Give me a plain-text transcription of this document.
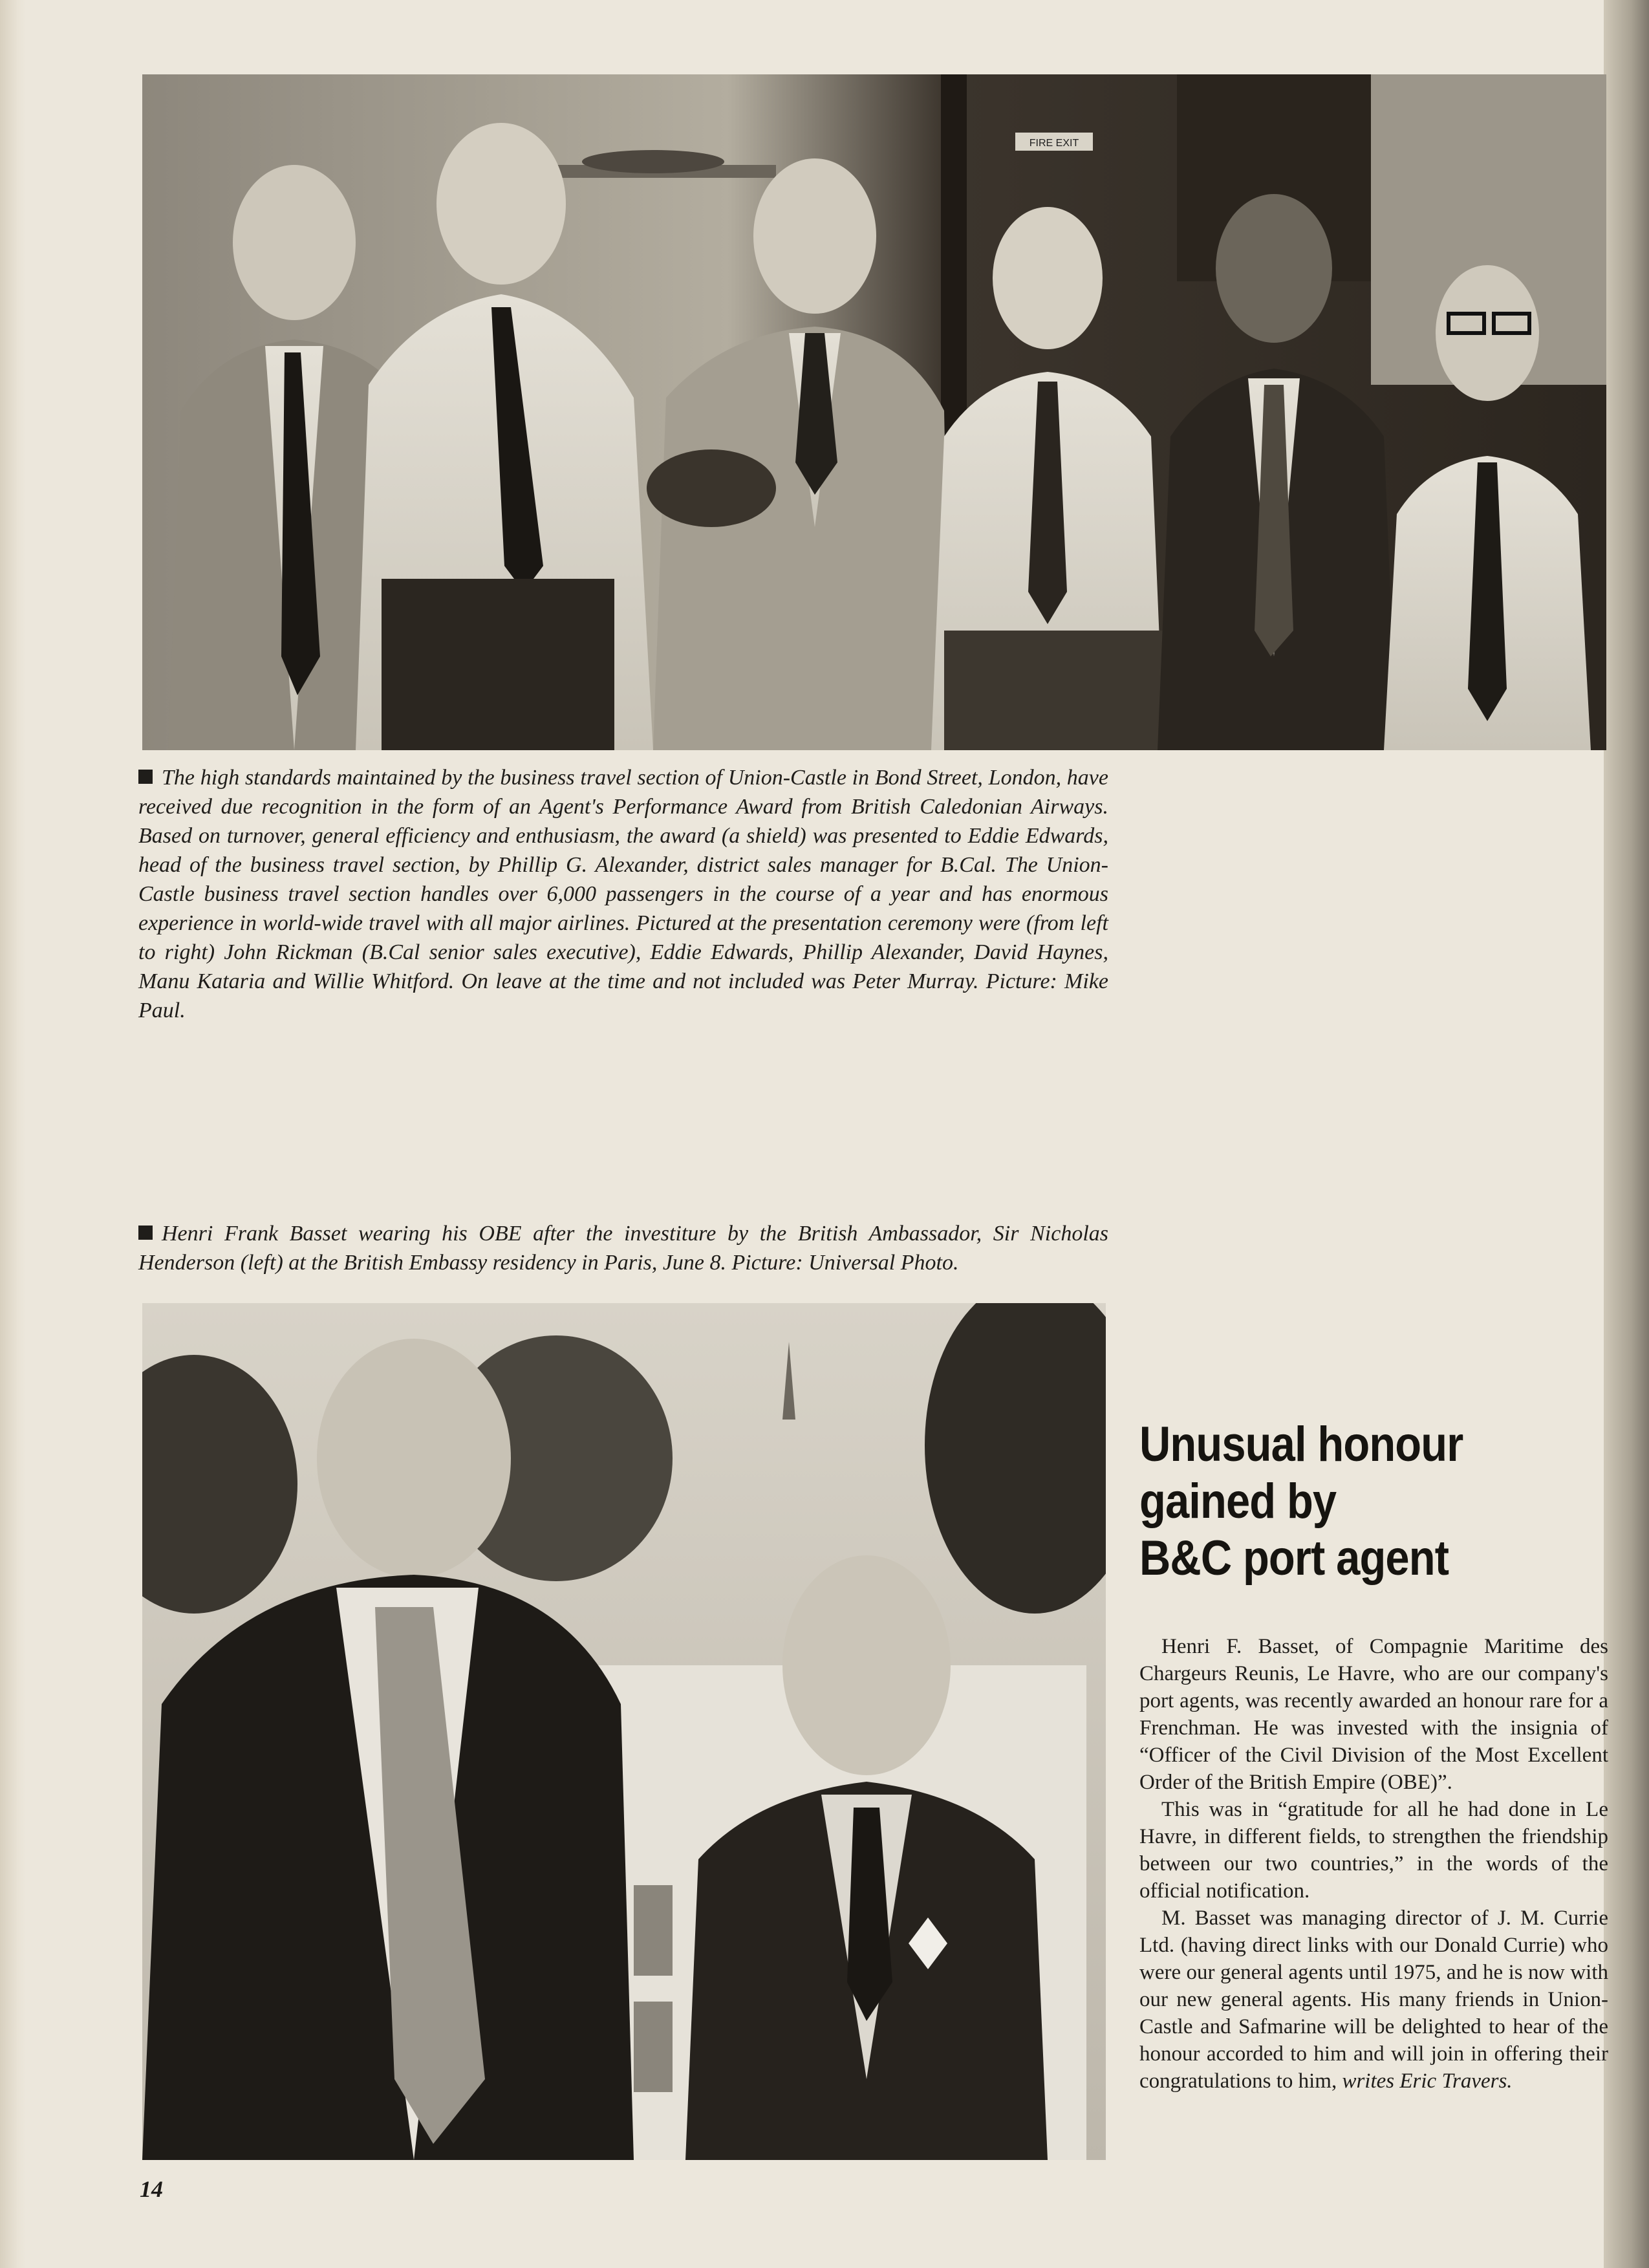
FIRE EXIT
The high standards maintained by the business travel section of Union-Castle in Bond Street, London, have received due recognition in the form of an Agent's Performance Award from British Caledonian Airways. Based on turnover, general efficiency and enthusiasm, the award (a shield) was presented to Eddie Edwards, head of the business travel section, by Phillip G. Alexander, district sales manager for B.Cal. The Union-Castle business travel section handles over 6,000 passengers in the course of a year and has enormous experience in world-wide travel with all major airlines. Pictured at the presentation ceremony were (from left to right) John Rickman (B.Cal senior sales executive), Eddie Edwards, Phillip Alexander, David Haynes, Manu Kataria and Willie Whitford. On leave at the time and not included was Peter Murray. Picture: Mike Paul.
Henri Frank Basset wearing his OBE after the investiture by the British Ambassador, Sir Nicholas Henderson (left) at the British Embassy residency in Paris, June 8. Picture: Universal Photo.
Unusual honour
gained by
B&C port agent

Henri F. Basset, of Compagnie Maritime des Chargeurs Reunis, Le Havre, who are our company's port agents, was recently awarded an honour rare for a Frenchman. He was invested with the insignia of “Officer of the Civil Division of the Most Excellent Order of the British Empire (OBE)”.

This was in “gratitude for all he had done in Le Havre, in different fields, to strengthen the friendship between our two countries,” in the words of the official notification.

M. Basset was managing director of J. M. Currie Ltd. (having direct links with our Donald Currie) who were our general agents until 1975, and he is now with our new general agents. His many friends in Union-Castle and Safmarine will be delighted to hear of the honour accorded to him and will join in offering their congratulations to him, writes Eric Travers.

14
